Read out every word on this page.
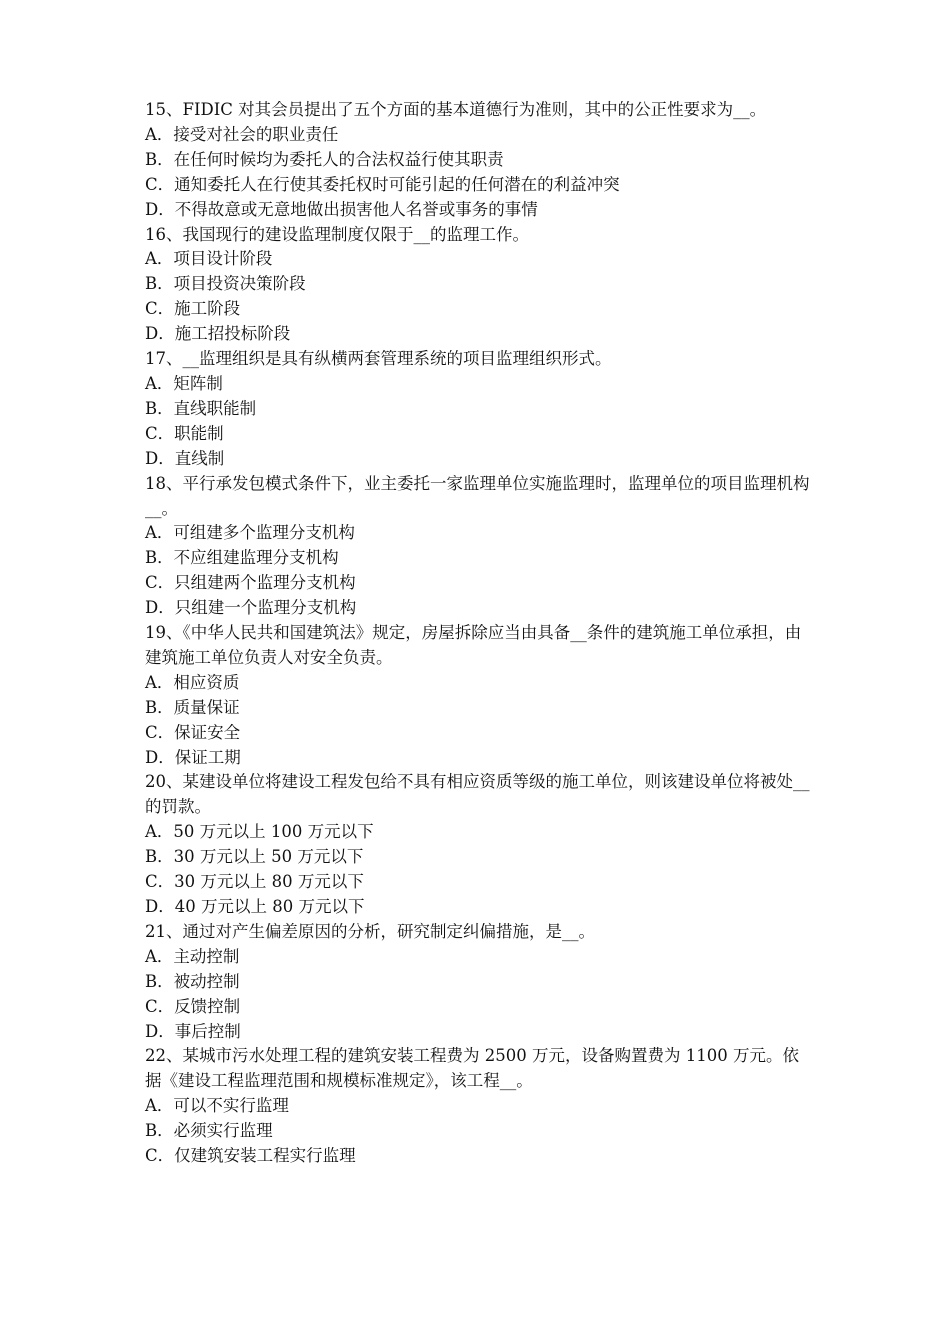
15、FIDIC 对其会员提出了五个方面的基本道德行为准则，其中的公正性要求为__。

A．接受对社会的职业责任

B．在任何时候均为委托人的合法权益行使其职责

C．通知委托人在行使其委托权时可能引起的任何潜在的利益冲突

D．不得故意或无意地做出损害他人名誉或事务的事情

16、我国现行的建设监理制度仅限于__的监理工作。

A．项目设计阶段

B．项目投资决策阶段

C．施工阶段

D．施工招投标阶段

17、__监理组织是具有纵横两套管理系统的项目监理组织形式。

A．矩阵制

B．直线职能制

C．职能制

D．直线制

18、平行承发包模式条件下，业主委托一家监理单位实施监理时，监理单位的项目监理机构__。

A．可组建多个监理分支机构

B．不应组建监理分支机构

C．只组建两个监理分支机构

D．只组建一个监理分支机构

19、《中华人民共和国建筑法》规定，房屋拆除应当由具备__条件的建筑施工单位承担，由建筑施工单位负责人对安全负责。

A．相应资质

B．质量保证

C．保证安全

D．保证工期

20、某建设单位将建设工程发包给不具有相应资质等级的施工单位，则该建设单位将被处__的罚款。

A．50 万元以上 100 万元以下

B．30 万元以上 50 万元以下

C．30 万元以上 80 万元以下

D．40 万元以上 80 万元以下

21、通过对产生偏差原因的分析，研究制定纠偏措施，是__。

A．主动控制

B．被动控制

C．反馈控制

D．事后控制

22、某城市污水处理工程的建筑安装工程费为 2500 万元，设备购置费为 1100 万元。依据《建设工程监理范围和规模标准规定》，该工程__。

A．可以不实行监理

B．必须实行监理

C．仅建筑安装工程实行监理
